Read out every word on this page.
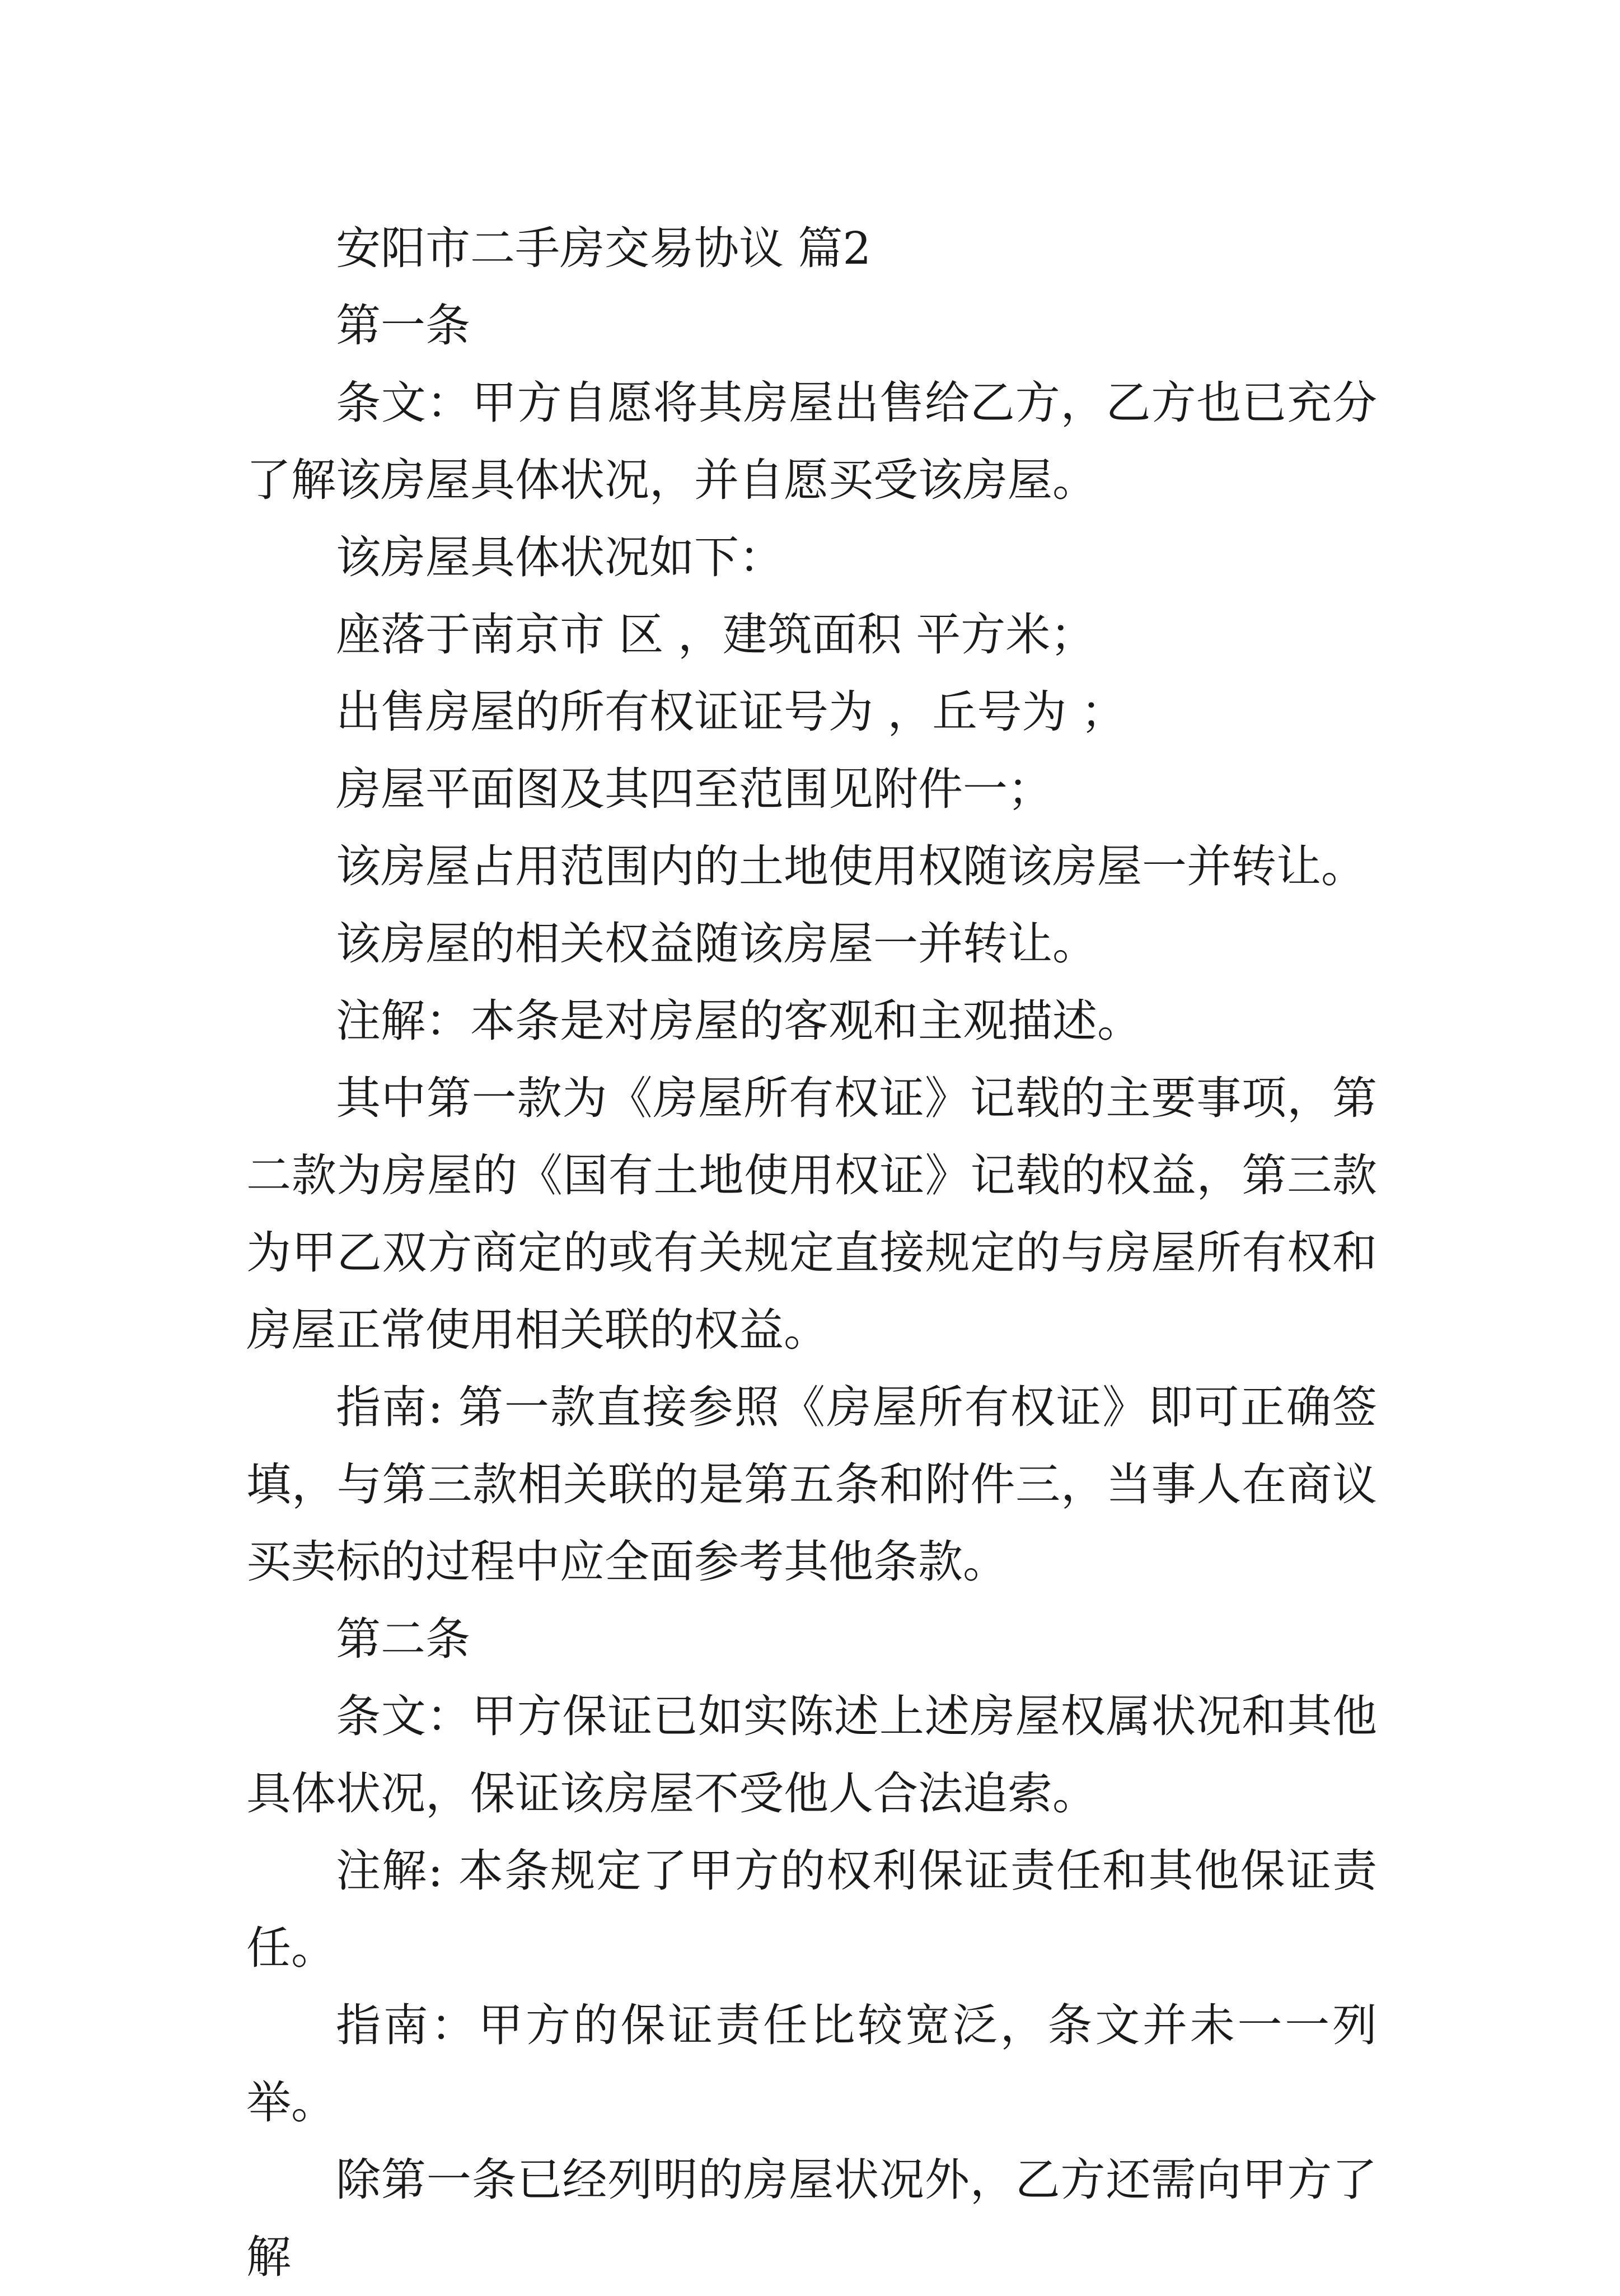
安阳市二手房交易协议 篇2

第一条

条文：甲方自愿将其房屋出售给乙方，乙方也已充分了解该房屋具体状况，并自愿买受该房屋。

该房屋具体状况如下：

座落于南京市 区 ，建筑面积 平方米；

出售房屋的所有权证证号为 ，丘号为 ；

房屋平面图及其四至范围见附件一；

该房屋占用范围内的土地使用权随该房屋一并转让。

该房屋的相关权益随该房屋一并转让。

注解：本条是对房屋的客观和主观描述。

其中第一款为《房屋所有权证》记载的主要事项，第二款为房屋的《国有土地使用权证》记载的权益，第三款为甲乙双方商定的或有关规定直接规定的与房屋所有权和房屋正常使用相关联的权益。

指南: 第一款直接参照《房屋所有权证》即可正确签填，与第三款相关联的是第五条和附件三，当事人在商议买卖标的过程中应全面参考其他条款。

第二条

条文：甲方保证已如实陈述上述房屋权属状况和其他具体状况，保证该房屋不受他人合法追索。

注解: 本条规定了甲方的权利保证责任和其他保证责任。

指南：甲方的保证责任比较宽泛，条文并未一一列举。

除第一条已经列明的房屋状况外，乙方还需向甲方了解
